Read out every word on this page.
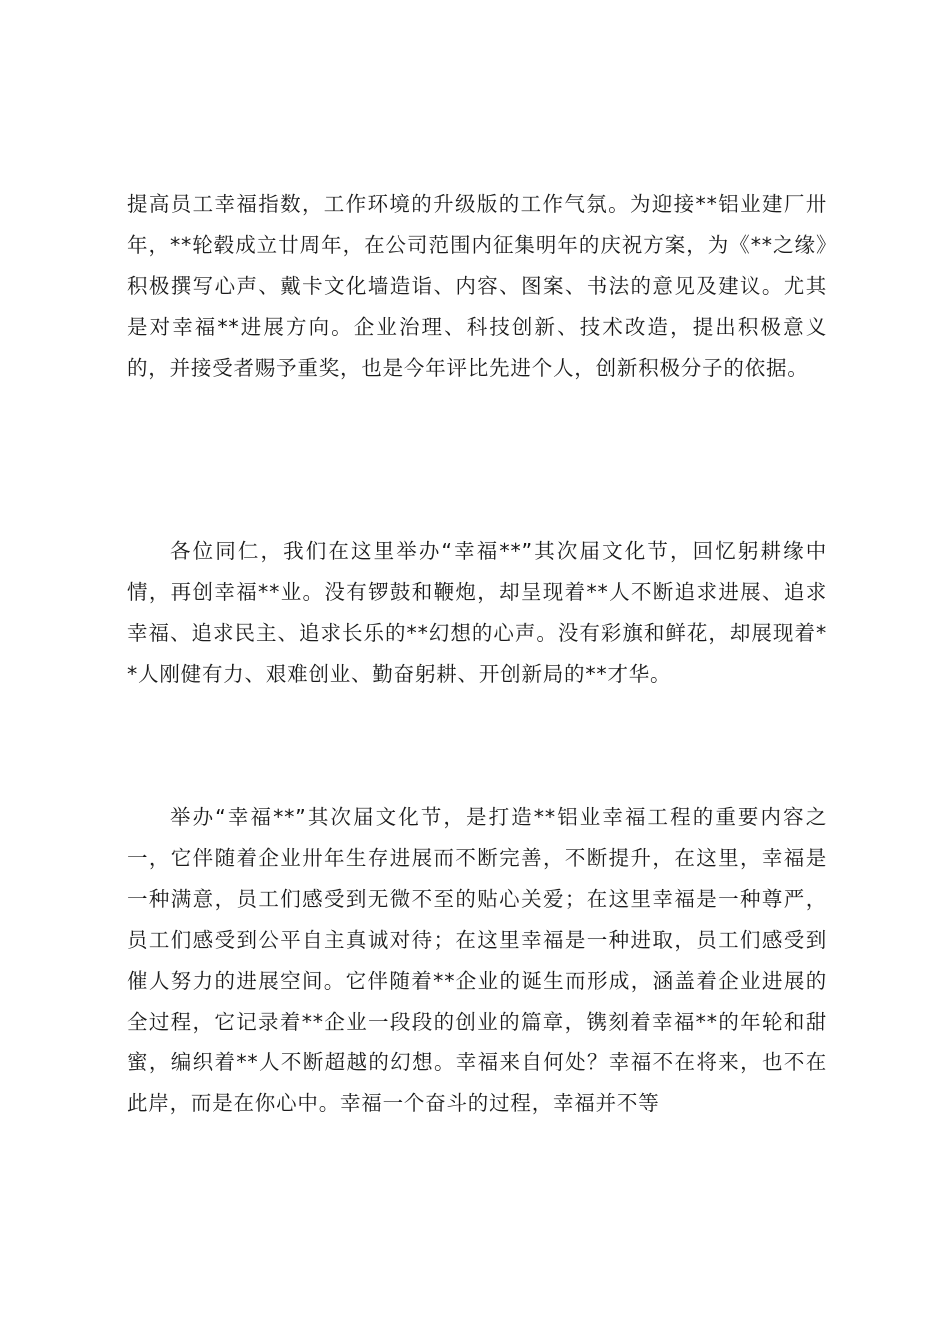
提高员工幸福指数，工作环境的升级版的工作气氛。为迎接**铝业建厂卅年，**轮毂成立廿周年，在公司范围内征集明年的庆祝方案，为《**之缘》积极撰写心声、戴卡文化墙造诣、内容、图案、书法的意见及建议。尤其是对幸福**进展方向。企业治理、科技创新、技术改造，提出积极意义的，并接受者赐予重奖，也是今年评比先进个人，创新积极分子的依据。

各位同仁，我们在这里举办“幸福**”其次届文化节，回忆躬耕缘中情，再创幸福**业。没有锣鼓和鞭炮，却呈现着**人不断追求进展、追求幸福、追求民主、追求长乐的**幻想的心声。没有彩旗和鲜花，却展现着**人刚健有力、艰难创业、勤奋躬耕、开创新局的**才华。

举办“幸福**”其次届文化节，是打造**铝业幸福工程的重要内容之一，它伴随着企业卅年生存进展而不断完善，不断提升，在这里，幸福是一种满意，员工们感受到无微不至的贴心关爱；在这里幸福是一种尊严，员工们感受到公平自主真诚对待；在这里幸福是一种进取，员工们感受到催人努力的进展空间。它伴随着**企业的诞生而形成，涵盖着企业进展的全过程，它记录着**企业一段段的创业的篇章，镌刻着幸福**的年轮和甜蜜，编织着**人不断超越的幻想。幸福来自何处？幸福不在将来，也不在此岸，而是在你心中。幸福一个奋斗的过程，幸福并不等
